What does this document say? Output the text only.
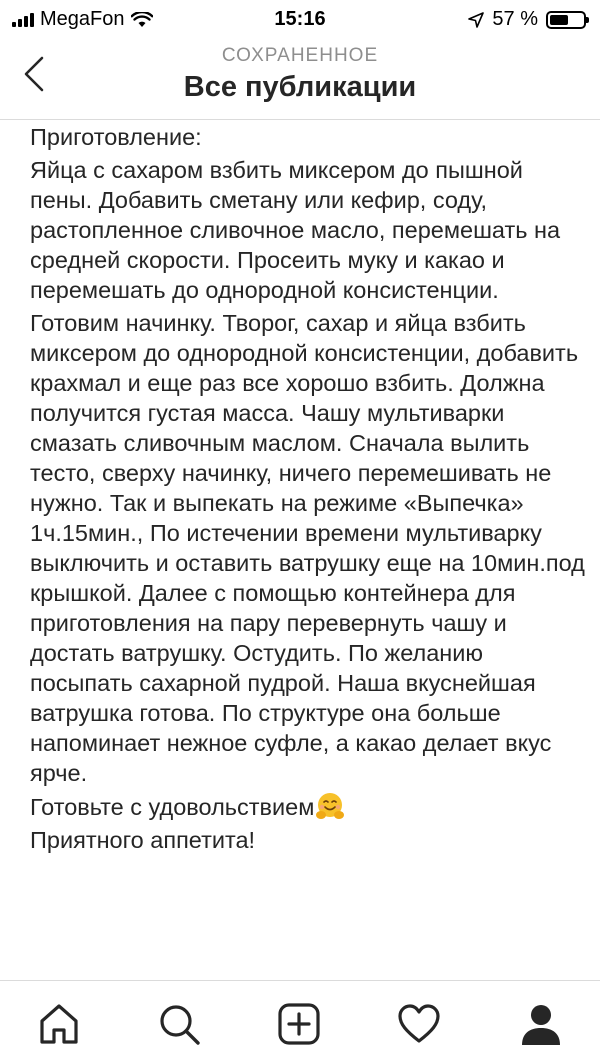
MegaFon	15:16	57 %
СОХРАНЕННОЕ
Все публикации

Приготовление:

Яйца с сахаром взбить миксером до пышной пены. Добавить сметану или кефир, соду, растопленное сливочное масло, перемешать на средней скорости. Просеить муку и какао и перемешать до однородной консистенции.

Готовим начинку. Творог, сахар и яйца взбить миксером до однородной консистенции, добавить крахмал и еще раз все хорошо взбить. Должна получится густая масса. Чашу мультиварки смазать сливочным маслом. Сначала вылить тесто, сверху начинку, ничего перемешивать не нужно. Так и выпекать на режиме «Выпечка» 1ч.15мин., По истечении времени мультиварку выключить и оставить ватрушку еще на 10мин.под крышкой. Далее с помощью контейнера для приготовления на пару перевернуть чашу и достать ватрушку. Остудить. По желанию посыпать сахарной пудрой. Наша вкуснейшая ватрушка готова. По структуре она больше напоминает нежное суфле, а какао делает вкус ярче.

Готовьте с удовольствием

Приятного аппетита!
